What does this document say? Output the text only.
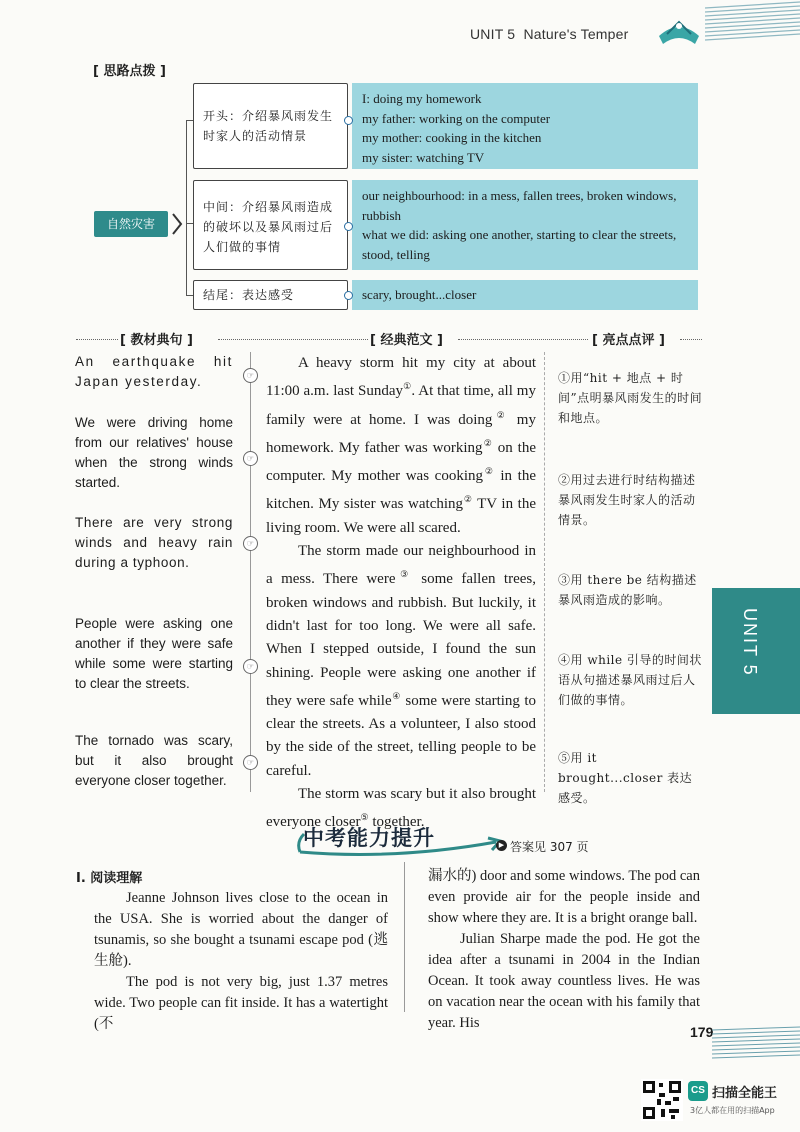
UNIT 5 Nature's Temper
[ 思路点拨 ]
自然灾害
开头：介绍暴风雨发生时家人的活动情景
I: doing my homework
my father: working on the computer
my mother: cooking in the kitchen
my sister: watching TV
中间：介绍暴风雨造成的破坏以及暴风雨过后人们做的事情
our neighbourhood: in a mess, fallen trees, broken windows, rubbish
what we did: asking one another, starting to clear the streets, stood, telling
结尾：表达感受	scary, brought...closer
[ 教材典句 ]	[ 经典范文 ]	[ 亮点点评 ]
☞
☞
☞
☞
☞
An earthquake hit Japan yesterday.
We were driving home from our relatives' house when the strong winds started.
There are very strong winds and heavy rain during a typhoon.
People were asking one another if they were safe while some were starting to clear the streets.
The tornado was scary, but it also brought everyone closer together.

A heavy storm hit my city at about 11:00 a.m. last Sunday①. At that time, all my family were at home. I was doing② my homework. My father was working② on the computer. My mother was cooking② in the kitchen. My sister was watching② TV in the living room. We were all scared.

The storm made our neighbourhood in a mess. There were③ some fallen trees, broken windows and rubbish. But luckily, it didn't last for too long. We were all safe. When I stepped outside, I found the sun shining. People were asking one another if they were safe while④ some were starting to clear the streets. As a volunteer, I also stood by the side of the street, telling people to be careful.

The storm was scary but it also brought everyone closer⑤ together.

①用“hit + 地点 + 时间”点明暴风雨发生的时间和地点。
②用过去进行时结构描述暴风雨发生时家人的活动情景。
③用 there be 结构描述暴风雨造成的影响。
④用 while 引导的时间状语从句描述暴风雨过后人们做的事情。
⑤用 it brought...closer 表达感受。
UNIT 5
中考能力提升	▶ 答案见 307 页
I. 阅读理解

Jeanne Johnson lives close to the ocean in the USA. She is worried about the danger of tsunamis, so she bought a tsunami escape pod (逃生舱).

The pod is not very big, just 1.37 metres wide. Two people can fit inside. It has a watertight (不

漏水的) door and some windows. The pod can even provide air for the people inside and show where they are. It is a bright orange ball.

Julian Sharpe made the pod. He got the idea after a tsunami in 2004 in the Indian Ocean. It took away countless lives. He was on vacation near the ocean with his family that year. His

179
CS 扫描全能王
3亿人都在用的扫描App
